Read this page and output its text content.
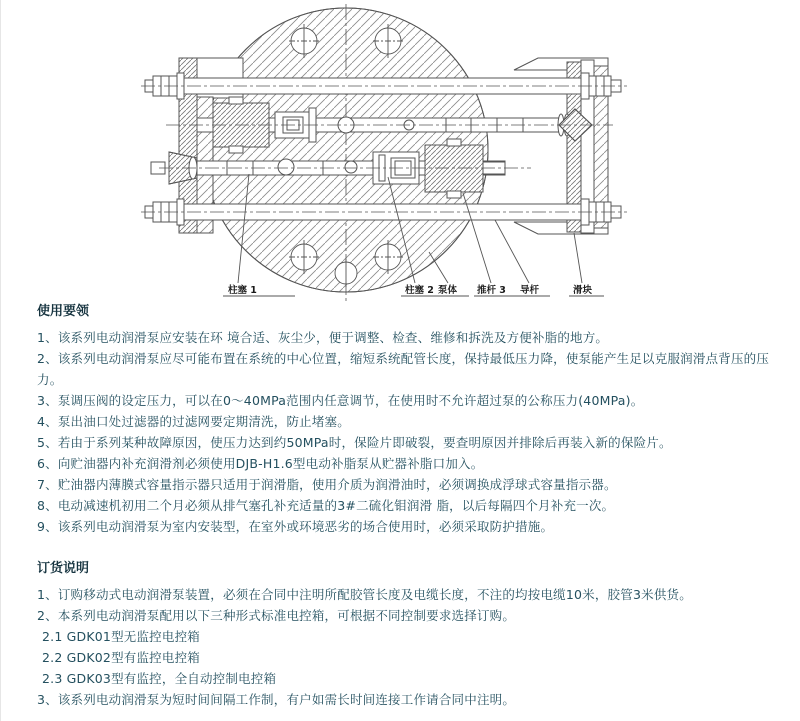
柱塞 1	柱塞 2 泵体 推杆 3 导杆	滑块
使用要领

1、该系列电动润滑泵应安装在环 境合适、灰尘少，便于调整、检查、维修和拆洗及方便补脂的地方。

2、该系列电动润滑泵应尽可能布置在系统的中心位置，缩短系统配管长度，保持最低压力降，使泵能产生足以克服润滑点背压的压力。

3、泵调压阀的设定压力，可以在0～40MPa范围内任意调节，在使用时不允许超过泵的公称压力(40MPa)。

4、泵出油口处过滤器的过滤网要定期清洗，防止堵塞。

5、若由于系列某种故障原因，使压力达到约50MPa时，保险片即破裂，要查明原因并排除后再装入新的保险片。

6、向贮油器内补充润滑剂必须使用DJB-H1.6型电动补脂泵从贮器补脂口加入。

7、贮油器内薄膜式容量指示器只适用于润滑脂，使用介质为润滑油时，必须调换成浮球式容量指示器。

8、电动减速机初用二个月必须从排气塞孔补充适量的3#二硫化钼润滑 脂，以后每隔四个月补充一次。

9、该系列电动润滑泵为室内安装型，在室外或环境恶劣的场合使用时，必须采取防护措施。

订货说明

1、订购移动式电动润滑泵装置，必须在合同中注明所配胶管长度及电缆长度，不注的均按电缆10米，胶管3米供货。

2、本系列电动润滑泵配用以下三种形式标准电控箱，可根据不同控制要求选择订购。

2.1 GDK01型无监控电控箱

2.2 GDK02型有监控电控箱

2.3 GDK03型有监控，全自动控制电控箱

3、该系列电动润滑泵为短时间间隔工作制，有户如需长时间连接工作请合同中注明。
